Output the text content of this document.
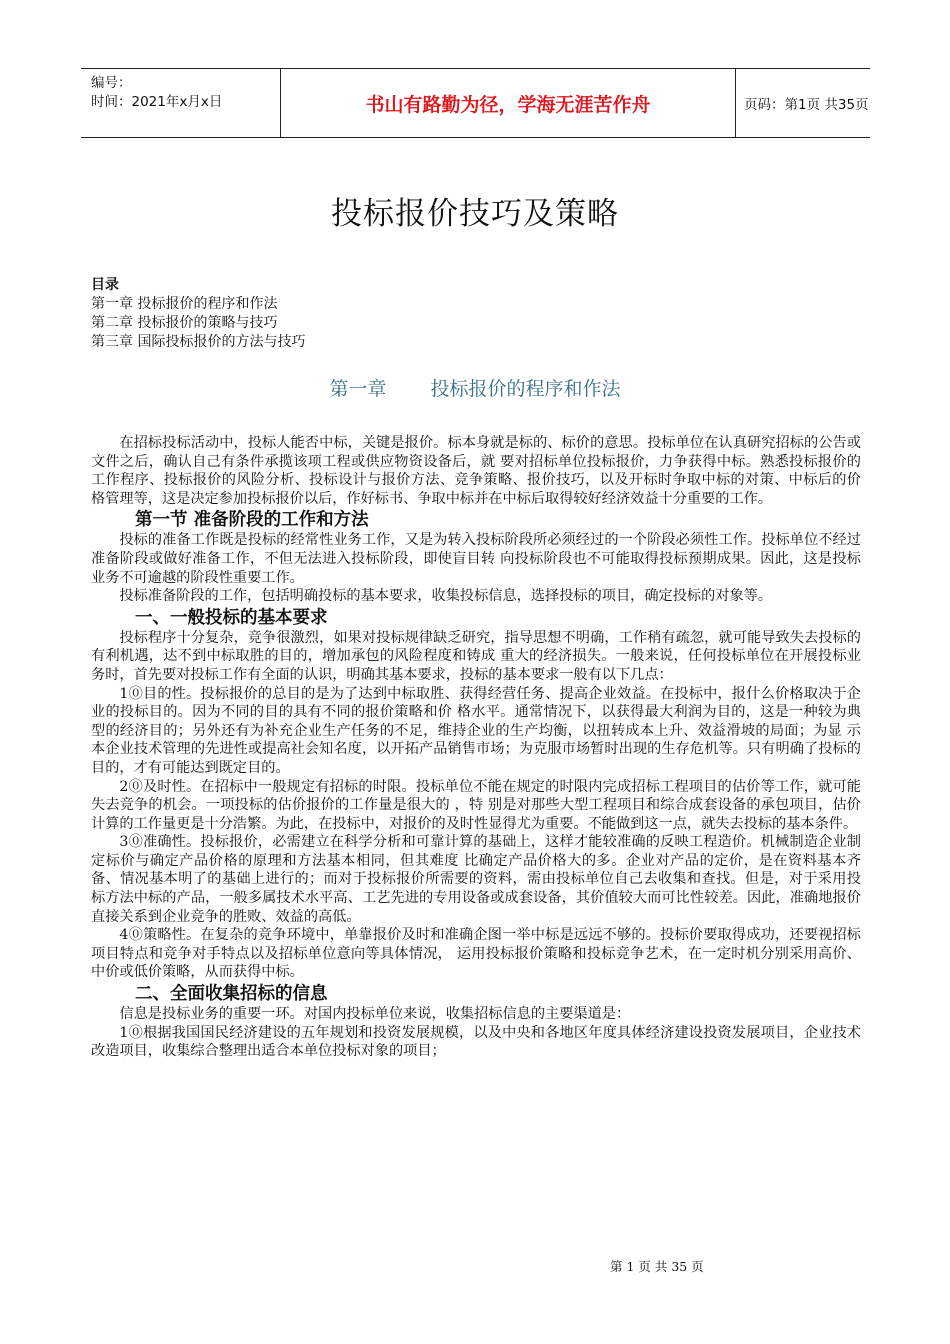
编号：
时间：2021年x月x日	书山有路勤为径，学海无涯苦作舟	页码：第1页 共35页
投标报价技巧及策略
目录
第一章 投标报价的程序和作法
第二章 投标报价的策略与技巧
第三章 国际投标报价的方法与技巧
第一章 投标报价的程序和作法

在招标投标活动中，投标人能否中标，关键是报价。标本身就是标的、标价的意思。投标单位在认真研究招标的公告或文件之后，确认自己有条件承揽该项工程或供应物资设备后，就 要对招标单位投标报价，力争获得中标。熟悉投标报价的工作程序、投标报价的风险分析、投标设计与报价方法、竞争策略、报价技巧，以及开标时争取中标的对策、中标后的价 格管理等，这是决定参加投标报价以后，作好标书、争取中标并在中标后取得较好经济效益十分重要的工作。

第一节 准备阶段的工作和方法

投标的准备工作既是投标的经常性业务工作，又是为转入投标阶段所必须经过的一个阶段必须性工作。投标单位不经过准备阶段或做好准备工作，不但无法进入投标阶段，即使盲目转 向投标阶段也不可能取得投标预期成果。因此，这是投标业务不可逾越的阶段性重要工作。

投标准备阶段的工作，包括明确投标的基本要求，收集投标信息，选择投标的项目，确定投标的对象等。

一、一般投标的基本要求

投标程序十分复杂，竞争很激烈，如果对投标规律缺乏研究，指导思想不明确，工作稍有疏忽，就可能导致失去投标的有利机遇，达不到中标取胜的目的，增加承包的风险程度和铸成 重大的经济损失。一般来说，任何投标单位在开展投标业务时，首先要对投标工作有全面的认识，明确其基本要求，投标的基本要求一般有以下几点：

1⓪目的性。投标报价的总目的是为了达到中标取胜、获得经营任务、提高企业效益。在投标中，报什么价格取决于企业的投标目的。因为不同的目的具有不同的报价策略和价 格水平。通常情况下，以获得最大利润为目的，这是一种较为典型的经济目的；另外还有为补充企业生产任务的不足，维持企业的生产均衡，以扭转成本上升、效益滑坡的局面；为显 示本企业技术管理的先进性或提高社会知名度，以开拓产品销售市场；为克服市场暂时出现的生存危机等。只有明确了投标的目的，才有可能达到既定目的。

2⓪及时性。在招标中一般规定有招标的时限。投标单位不能在规定的时限内完成招标工程项目的估价等工作，就可能失去竞争的机会。一项投标的估价报价的工作量是很大的 ，特 别是对那些大型工程项目和综合成套设备的承包项目，估价计算的工作量更是十分浩繁。为此，在投标中，对报价的及时性显得尤为重要。不能做到这一点，就失去投标的基本条件。

3⓪准确性。投标报价，必需建立在科学分析和可靠计算的基础上，这样才能较准确的反映工程造价。机械制造企业制定标价与确定产品价格的原理和方法基本相同，但其难度 比确定产品价格大的多。企业对产品的定价，是在资料基本齐备、情况基本明了的基础上进行的；而对于投标报价所需要的资料，需由投标单位自己去收集和查找。但是，对于采用投 标方法中标的产品，一般多属技术水平高、工艺先进的专用设备或成套设备，其价值较大而可比性较差。因此，准确地报价直接关系到企业竞争的胜败、效益的高低。

4⓪策略性。在复杂的竞争环境中，单靠报价及时和准确企图一举中标是远远不够的。投标价要取得成功，还要视招标项目特点和竞争对手特点以及招标单位意向等具体情况， 运用投标报价策略和投标竞争艺术，在一定时机分别采用高价、中价或低价策略，从而获得中标。

二、全面收集招标的信息

信息是投标业务的重要一环。对国内投标单位来说，收集招标信息的主要渠道是：

1⓪根据我国国民经济建设的五年规划和投资发展规模，以及中央和各地区年度具体经济建设投资发展项目，企业技术改造项目，收集综合整理出适合本单位投标对象的项目；

第 1 页 共 35 页
